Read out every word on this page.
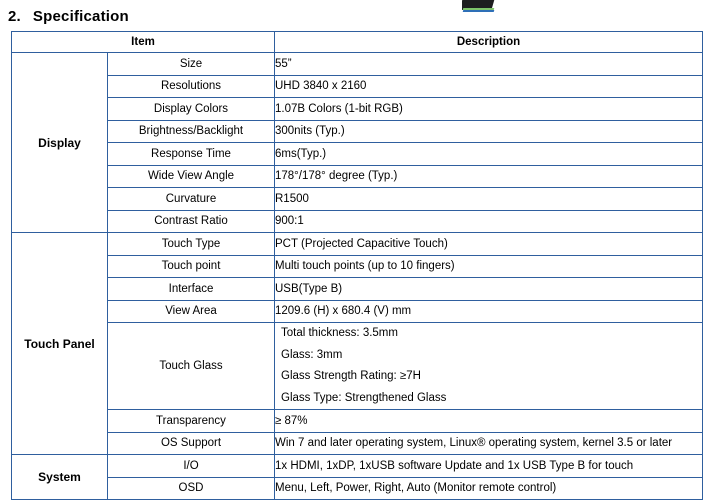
2. Specification
Item		Description
Display	Size	55”
	Resolutions	UHD 3840 x 2160
	Display Colors	1.07B Colors (1-bit RGB)
	Brightness/Backlight	300nits (Typ.)
	Response Time	6ms(Typ.)
	Wide View Angle	178°/178° degree (Typ.)
	Curvature	R1500
	Contrast Ratio	900:1
Touch Panel	Touch Type	PCT (Projected Capacitive Touch)
	Touch point	Multi touch points (up to 10 fingers)
	Interface	USB(Type B)
	View Area	1209.6 (H) x 680.4 (V) mm
	Touch Glass	Total thickness: 3.5mm
Glass: 3mm
Glass Strength Rating: ≥7H
Glass Type: Strengthened Glass

	Transparency	≥ 87%
	OS Support	Win 7 and later operating system, Linux® operating system, kernel 3.5 or later
System	I/O	1x HDMI, 1xDP, 1xUSB software Update and 1x USB Type B for touch
	OSD	Menu, Left, Power, Right, Auto (Monitor remote control)
